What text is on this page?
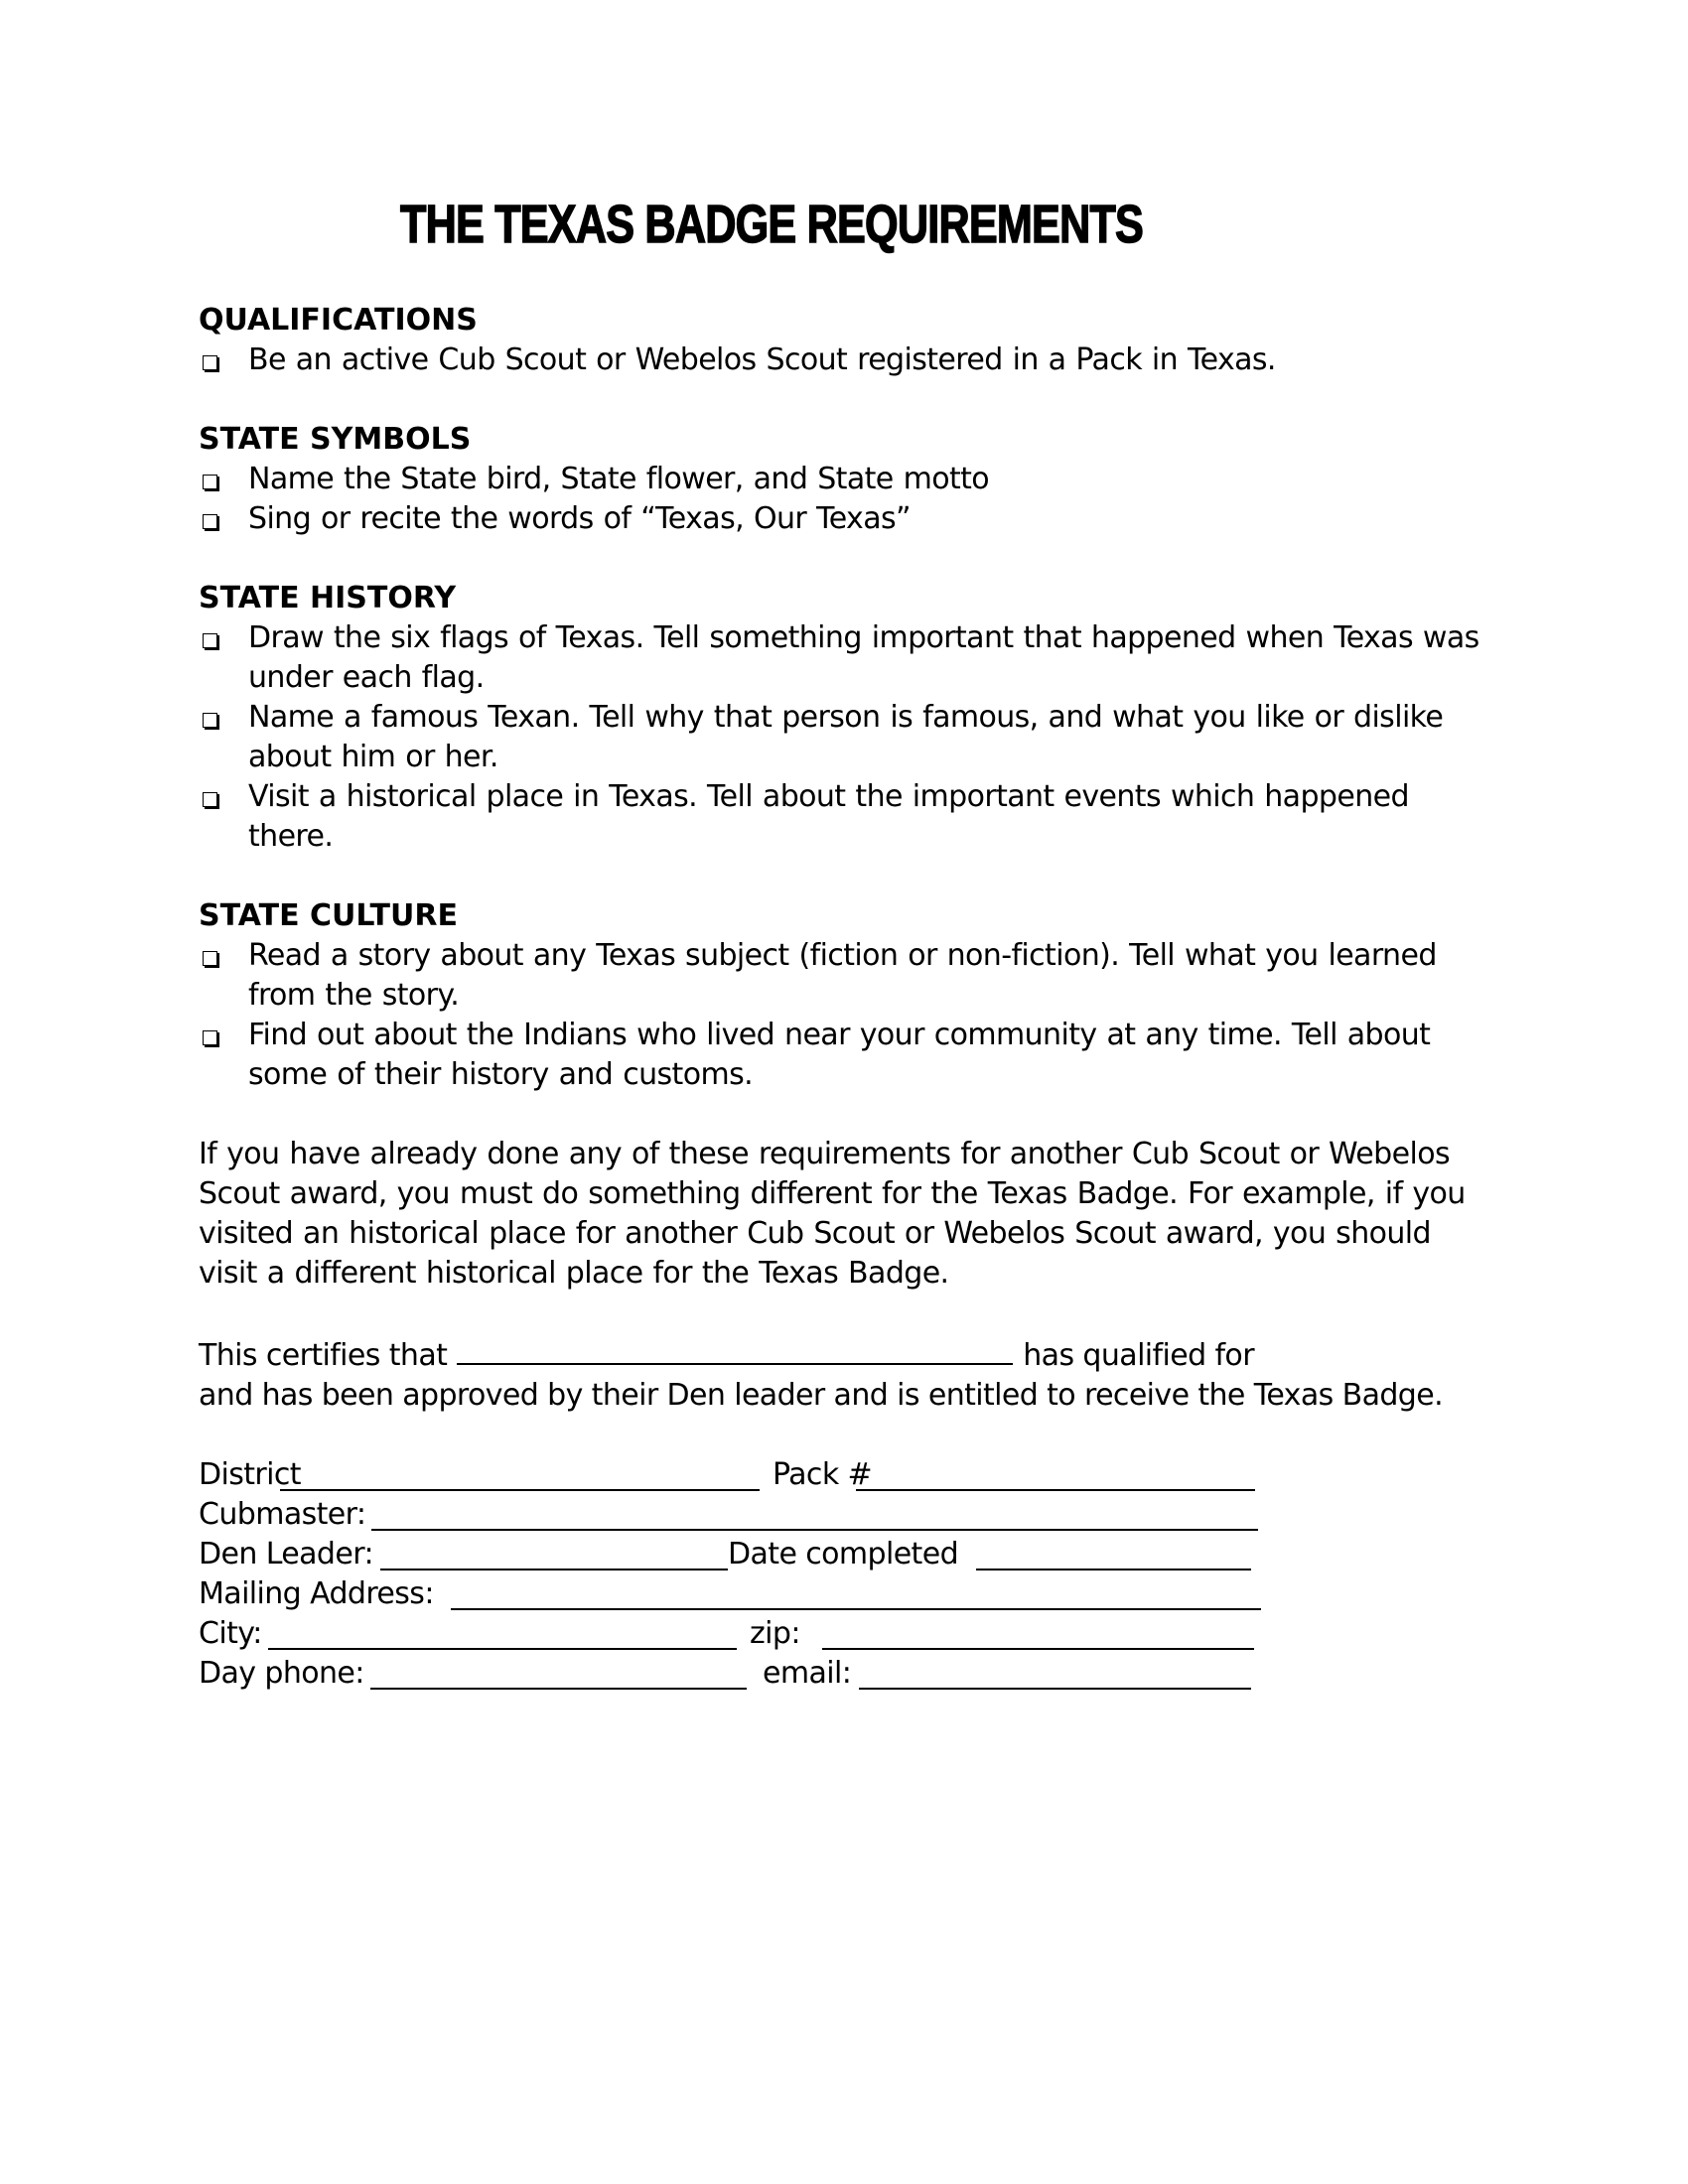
THE TEXAS BADGE REQUIREMENTS
QUALIFICATIONS
Be an active Cub Scout or Webelos Scout registered in a Pack in Texas.
STATE SYMBOLS
Name the State bird, State flower, and State motto
Sing or recite the words of “Texas, Our Texas”
STATE HISTORY
Draw the six flags of Texas. Tell something important that happened when Texas was under each flag.
Name a famous Texan. Tell why that person is famous, and what you like or dislike about him or her.
Visit a historical place in Texas. Tell about the important events which happened there.
STATE CULTURE
Read a story about any Texas subject (fiction or non-fiction). Tell what you learned from the story.
Find out about the Indians who lived near your community at any time. Tell about some of their history and customs.
If you have already done any of these requirements for another Cub Scout or Webelos Scout award, you must do something different for the Texas Badge. For example, if you visited an historical place for another Cub Scout or Webelos Scout award, you should visit a different historical place for the Texas Badge.
This certifies that	has qualified for
and has been approved by their Den leader and is entitled to receive the Texas Badge.
District	Pack #
Cubmaster:
Den Leader:	Date completed
Mailing Address:
City:	zip:
Day phone:	email:
